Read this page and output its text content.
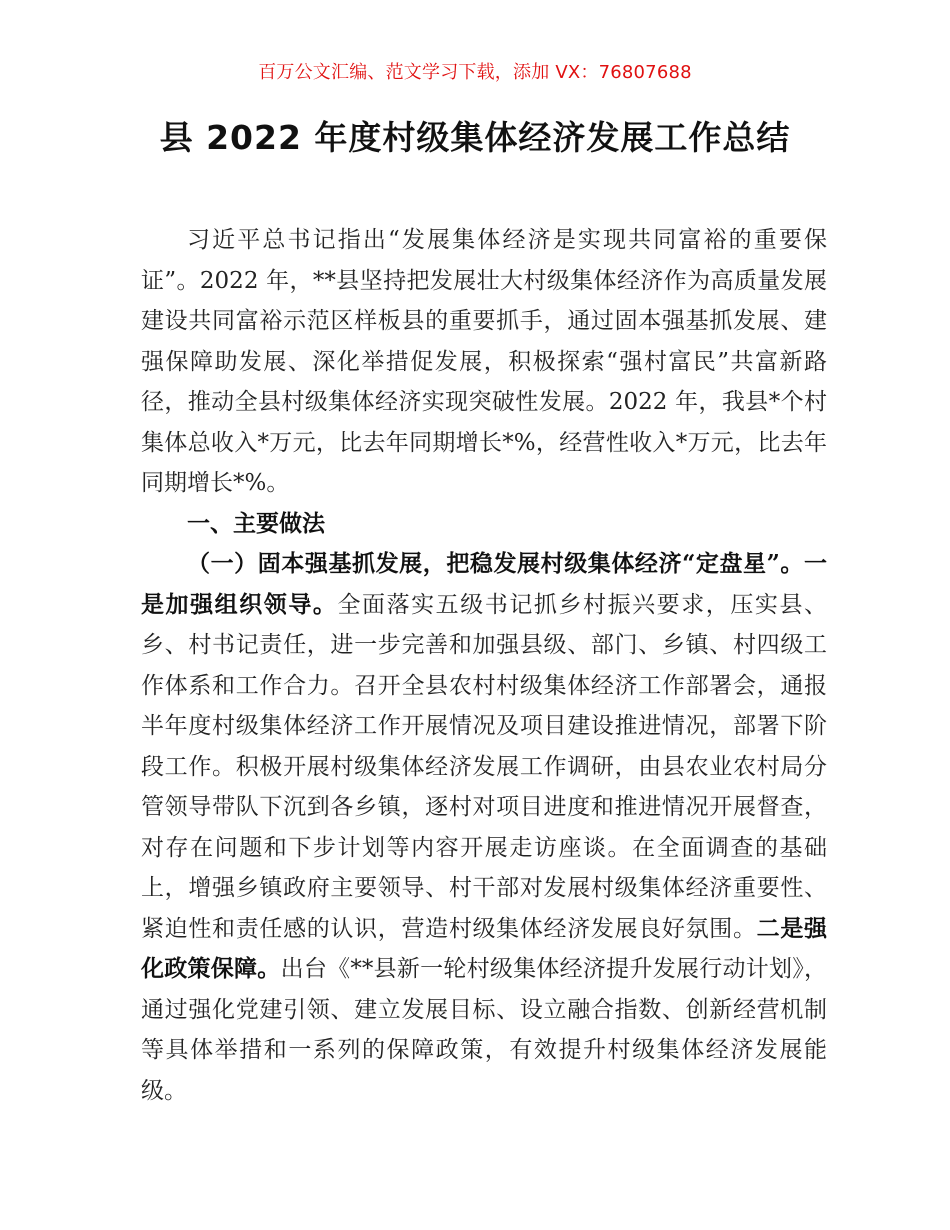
百万公文汇编、范文学习下载，添加 VX：76807688
县 2022 年度村级集体经济发展工作总结

习近平总书记指出“发展集体经济是实现共同富裕的重要保证”。2022 年，**县坚持把发展壮大村级集体经济作为高质量发展建设共同富裕示范区样板县的重要抓手，通过固本强基抓发展、建强保障助发展、深化举措促发展，积极探索“强村富民”共富新路径，推动全县村级集体经济实现突破性发展。2022 年，我县*个村集体总收入*万元，比去年同期增长*%，经营性收入*万元，比去年同期增长*%。

一、主要做法

（一）固本强基抓发展，把稳发展村级集体经济“定盘星”。一是加强组织领导。全面落实五级书记抓乡村振兴要求，压实县、乡、村书记责任，进一步完善和加强县级、部门、乡镇、村四级工作体系和工作合力。召开全县农村村级集体经济工作部署会，通报半年度村级集体经济工作开展情况及项目建设推进情况，部署下阶段工作。积极开展村级集体经济发展工作调研，由县农业农村局分管领导带队下沉到各乡镇，逐村对项目进度和推进情况开展督查，对存在问题和下步计划等内容开展走访座谈。在全面调查的基础上，增强乡镇政府主要领导、村干部对发展村级集体经济重要性、紧迫性和责任感的认识，营造村级集体经济发展良好氛围。二是强化政策保障。出台《**县新一轮村级集体经济提升发展行动计划》，通过强化党建引领、建立发展目标、设立融合指数、创新经营机制等具体举措和一系列的保障政策，有效提升村级集体经济发展能级。
